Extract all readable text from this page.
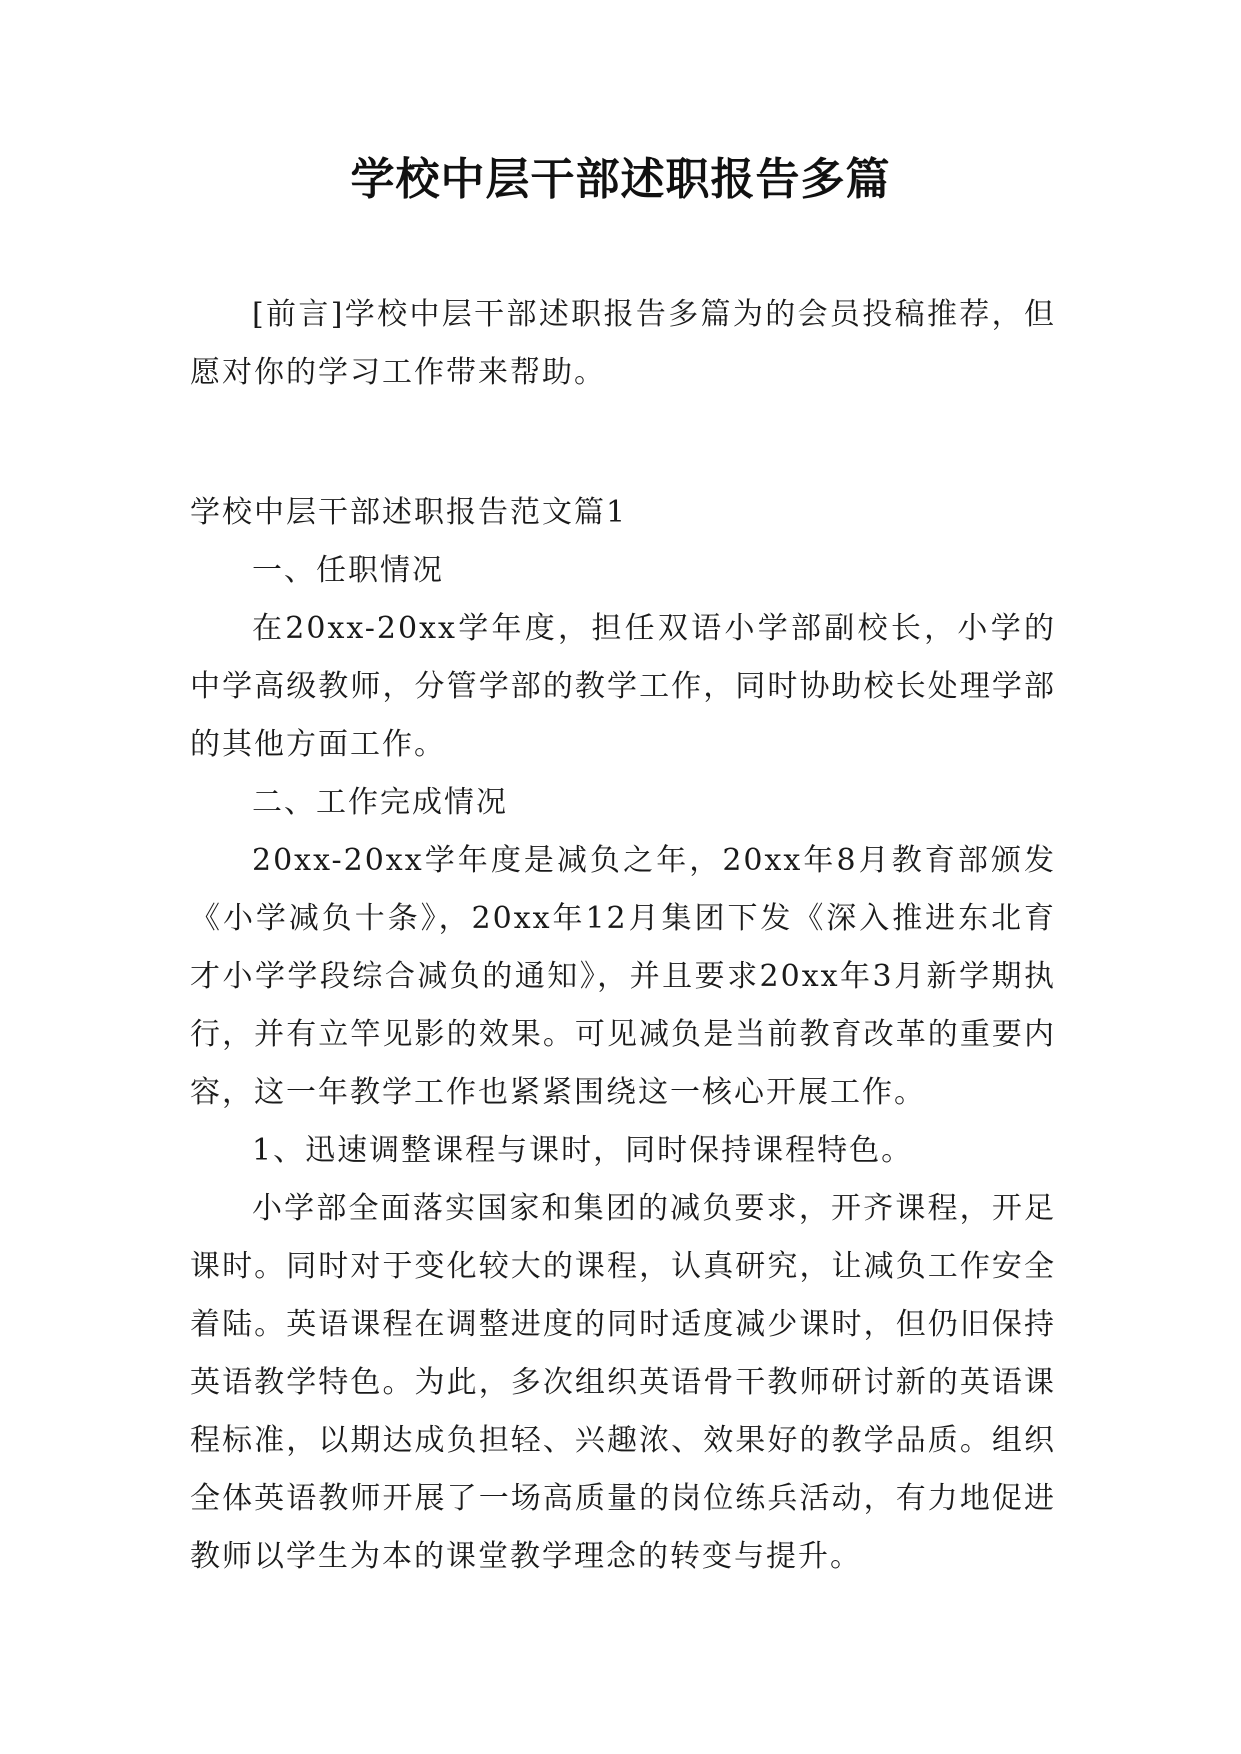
学校中层干部述职报告多篇

[前言]学校中层干部述职报告多篇为的会员投稿推荐，但愿对你的学习工作带来帮助。

学校中层干部述职报告范文篇1

一、任职情况

在20xx-20xx学年度，担任双语小学部副校长，小学的中学高级教师，分管学部的教学工作，同时协助校长处理学部的其他方面工作。

二、工作完成情况

20xx-20xx学年度是减负之年，20xx年8月教育部颁发《小学减负十条》，20xx年12月集团下发《深入推进东北育才小学学段综合减负的通知》，并且要求20xx年3月新学期执行，并有立竿见影的效果。可见减负是当前教育改革的重要内容，这一年教学工作也紧紧围绕这一核心开展工作。

1、迅速调整课程与课时，同时保持课程特色。

小学部全面落实国家和集团的减负要求，开齐课程，开足课时。同时对于变化较大的课程，认真研究，让减负工作安全着陆。英语课程在调整进度的同时适度减少课时，但仍旧保持英语教学特色。为此，多次组织英语骨干教师研讨新的英语课程标准，以期达成负担轻、兴趣浓、效果好的教学品质。组织全体英语教师开展了一场高质量的岗位练兵活动，有力地促进教师以学生为本的课堂教学理念的转变与提升。
